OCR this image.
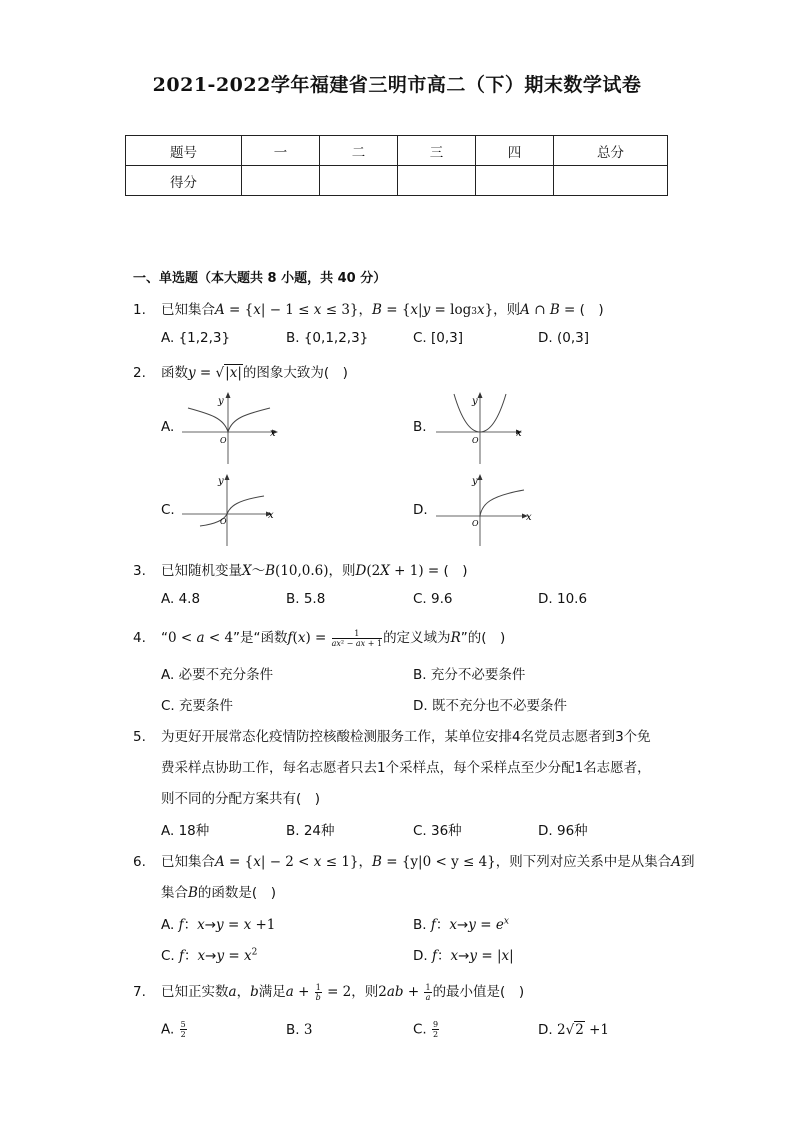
2021-2022学年福建省三明市高二（下）期末数学试卷
题号	一	二	三	四	总分
得分					
一、单选题（本大题共 8 小题，共 40 分）
1. 已知集合A = {x| − 1 ≤ x ≤ 3}，B = {x|y = log3x}，则A ∩ B = (　)
A. {1,2,3}	B. {0,1,2,3}	C. [0,3]	D. (0,3]
2. 函数y = √|x|的图象大致为(　)
A.
y
O
x	B.
y
O
x
C.
y
O
x	D.
y
O
x
3. 已知随机变量X～B(10,0.6)，则D(2X + 1) = (　)
A. 4.8	B. 5.8	C. 9.6	D. 10.6
4. “0 < a < 4”是“函数$f(x) = \frac{1}{\text{ax² − ax + 1}}$ 的定义域为R”的(　)
A. 必要不充分条件	B. 充分不必要条件
C. 充要条件	D. 既不充分也不必要条件
5. 为更好开展常态化疫情防控核酸检测服务工作，某单位安排4名党员志愿者到3个免
费采样点协助工作，每名志愿者只去1个采样点，每个采样点至少分配1名志愿者，
则不同的分配方案共有(　)
A. 18种	B. 24种	C. 36种	D. 96种
6. 已知集合A = {x| − 2 < x ≤ 1}，B = {y|0 < y ≤ 4}，则下列对应关系中是从集合A到
集合B的函数是(　)
A. f：x→y = x +1	B. f：$x\to y = e^x$
C. f：$x\to y = x^2$	D. f：x→y = |x|
7. 已知正实数a，b满足$a + \frac{1}{b} = 2$，则$2ab + \frac{1}{a}$ 的最小值是(　)
A. $\frac{5}{2}$	B. 3	C. $\frac{9}{2}$	D. 2√2 +1
